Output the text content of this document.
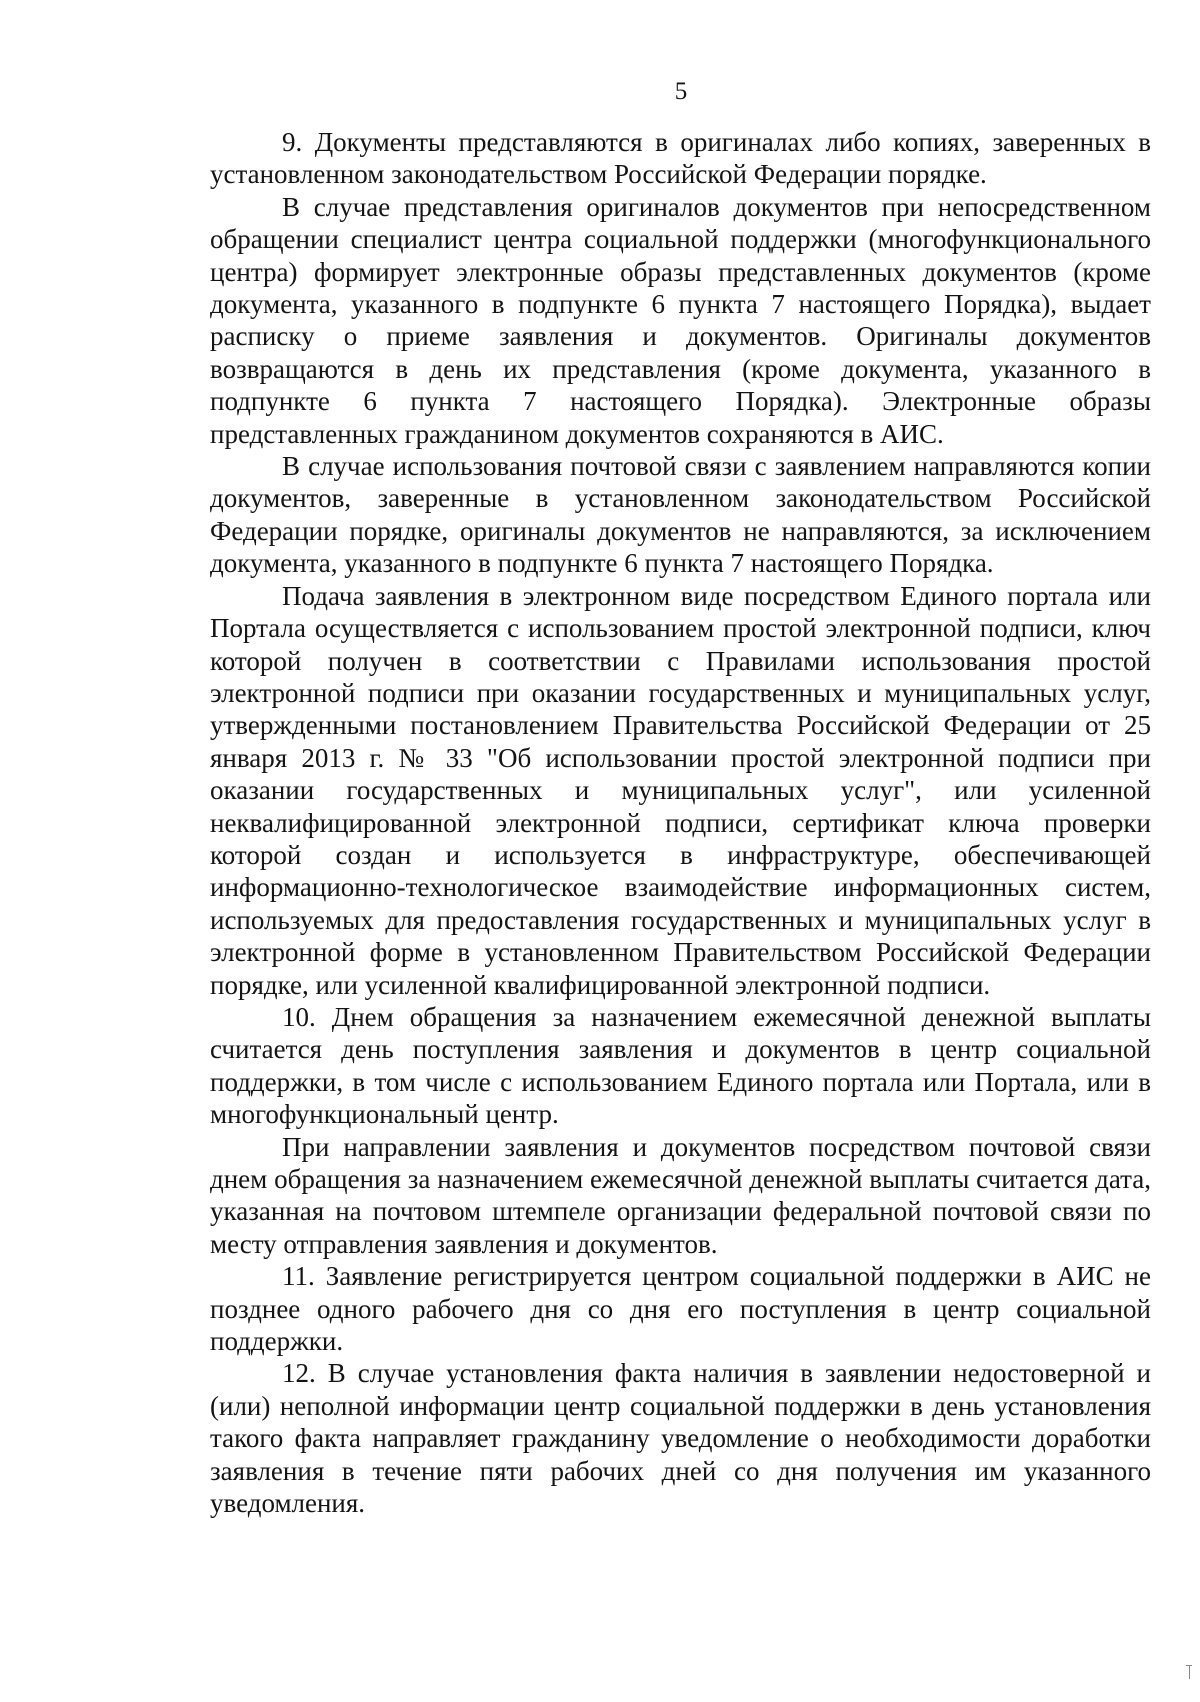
5

9. Документы представляются в оригиналах либо копиях, заверенных в установленном законодательством Российской Федерации порядке.

В случае представления оригиналов документов при непосредственном обращении специалист центра социальной поддержки (многофункционального центра) формирует электронные образы представленных документов (кроме документа, указанного в подпункте 6 пункта 7 настоящего Порядка), выдает расписку о приеме заявления и документов. Оригиналы документов возвращаются в день их представления (кроме документа, указанного в подпункте 6 пункта 7 настоящего Порядка). Электронные образы представленных гражданином документов сохраняются в АИС.

В случае использования почтовой связи с заявлением направляются копии документов, заверенные в установленном законодательством Российской Федерации порядке, оригиналы документов не направляются, за исключением документа, указанного в подпункте 6 пункта 7 настоящего Порядка.

Подача заявления в электронном виде посредством Единого портала или Портала осуществляется с использованием простой электронной подписи, ключ которой получен в соответствии с Правилами использования простой электронной подписи при оказании государственных и муниципальных услуг, утвержденными постановлением Правительства Российской Федерации от 25 января 2013 г. № 33 "Об использовании простой электронной подписи при оказании государственных и муниципальных услуг", или усиленной неквалифицированной электронной подписи, сертификат ключа проверки которой создан и используется в инфраструктуре, обеспечивающей информационно-технологическое взаимодействие информационных систем, используемых для предоставления государственных и муниципальных услуг в электронной форме в установленном Правительством Российской Федерации порядке, или усиленной квалифицированной электронной подписи.

10. Днем обращения за назначением ежемесячной денежной выплаты считается день поступления заявления и документов в центр социальной поддержки, в том числе с использованием Единого портала или Портала, или в многофункциональный центр.

При направлении заявления и документов посредством почтовой связи днем обращения за назначением ежемесячной денежной выплаты считается дата, указанная на почтовом штемпеле организации федеральной почтовой связи по месту отправления заявления и документов.

11. Заявление регистрируется центром социальной поддержки в АИС не позднее одного рабочего дня со дня его поступления в центр социальной поддержки.

12. В случае установления факта наличия в заявлении недостоверной и (или) неполной информации центр социальной поддержки в день установления такого факта направляет гражданину уведомление о необходимости доработки заявления в течение пяти рабочих дней со дня получения им указанного уведомления.
